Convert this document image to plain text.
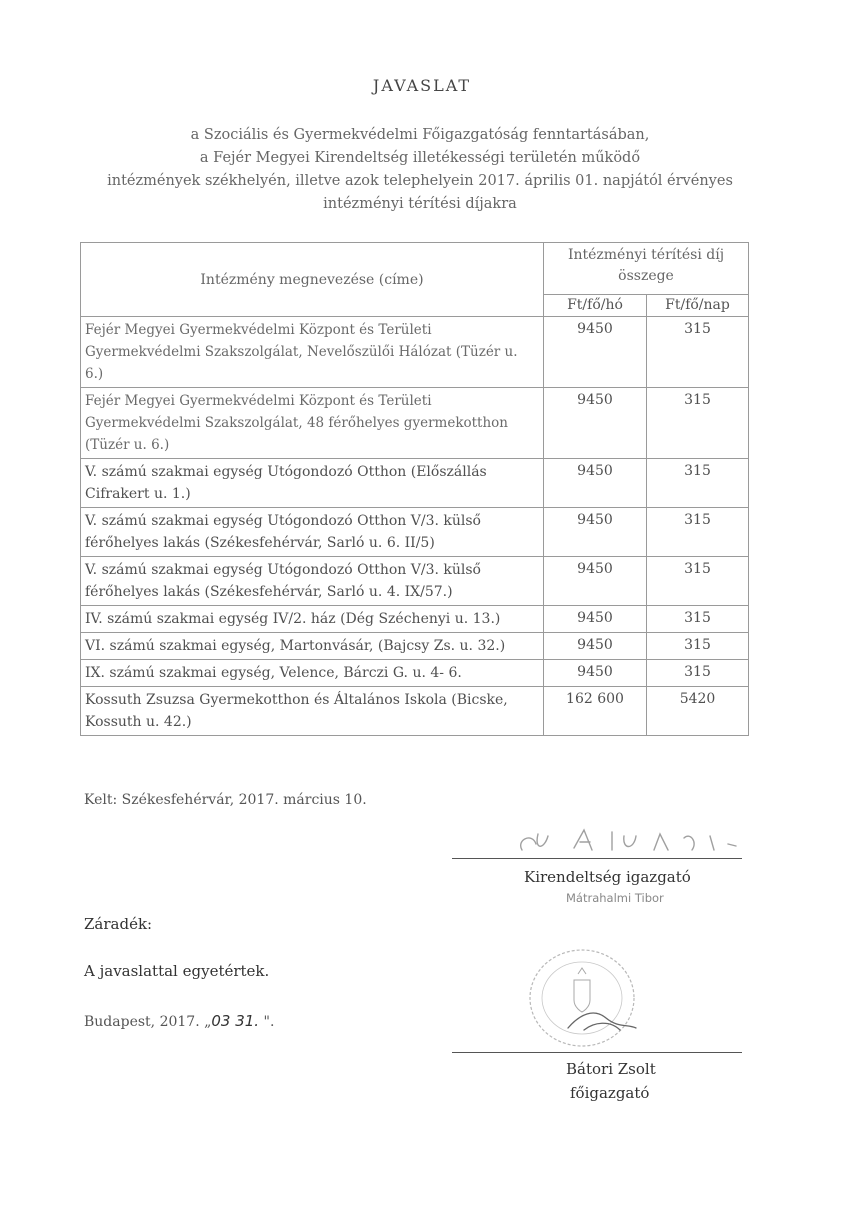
JAVASLAT
a Szociális és Gyermekvédelmi Főigazgatóság fenntartásában,
a Fejér Megyei Kirendeltség illetékességi területén működő
intézmények székhelyén, illetve azok telephelyein 2017. április 01. napjától érvényes
intézményi térítési díjakra
Intézmény megnevezése (címe)	Intézményi térítési díj összege	
	Ft/fő/hó	Ft/fő/nap
Fejér Megyei Gyermekvédelmi Központ és Területi Gyermekvédelmi Szakszolgálat, Nevelőszülői Hálózat (Tüzér u. 6.)	9450	315
Fejér Megyei Gyermekvédelmi Központ és Területi Gyermekvédelmi Szakszolgálat, 48 férőhelyes gyermekotthon (Tüzér u. 6.)	9450	315
V. számú szakmai egység Utógondozó Otthon (Előszállás Cifrakert u. 1.)	9450	315
V. számú szakmai egység Utógondozó Otthon V/3. külső férőhelyes lakás (Székesfehérvár, Sarló u. 6. II/5)	9450	315
V. számú szakmai egység Utógondozó Otthon V/3. külső férőhelyes lakás (Székesfehérvár, Sarló u. 4. IX/57.)	9450	315
IV. számú szakmai egység IV/2. ház (Dég Széchenyi u. 13.)	9450	315
VI. számú szakmai egység, Martonvásár, (Bajcsy Zs. u. 32.)	9450	315
IX. számú szakmai egység, Velence, Bárczi G. u. 4- 6.	9450	315
Kossuth Zsuzsa Gyermekotthon és Általános Iskola (Bicske, Kossuth u. 42.)	162 600	5420
Kelt: Székesfehérvár, 2017. március 10.
Kirendeltség igazgató
Mátrahalmi Tibor
Záradék:
A javaslattal egyetértek.
Budapest, 2017. „03 31. ".
Bátori Zsolt
főigazgató
